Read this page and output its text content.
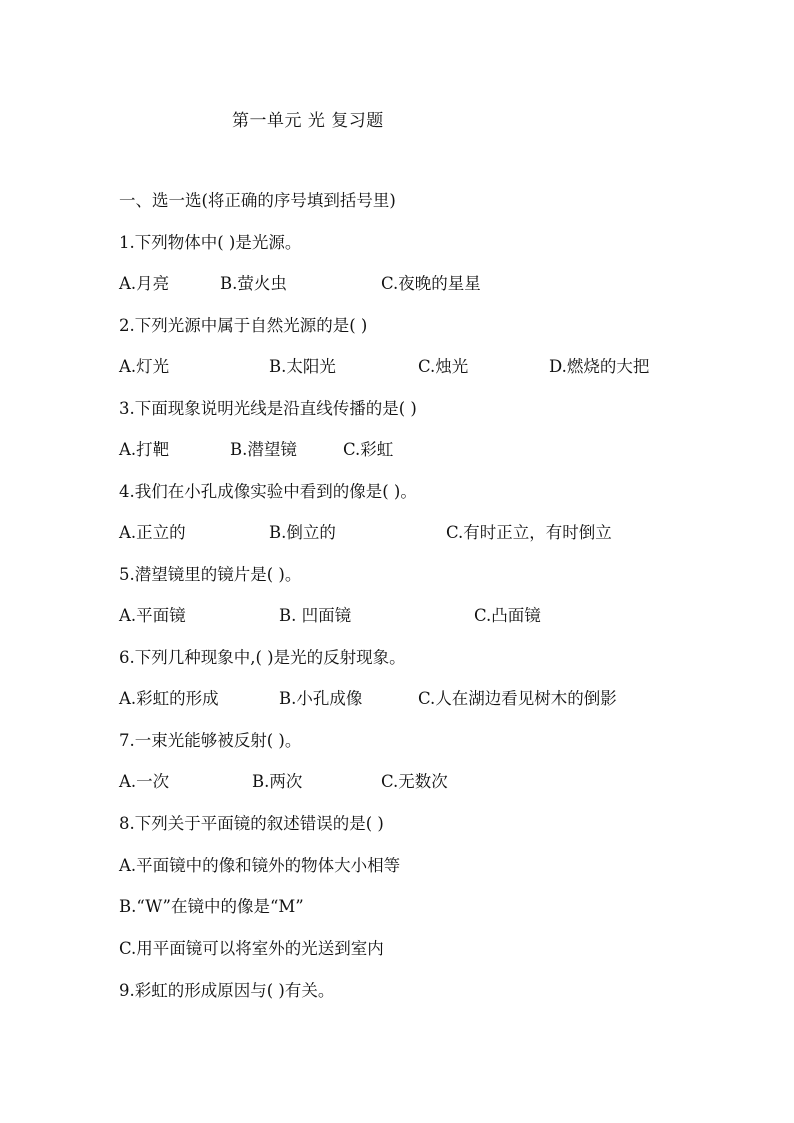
第一单元 光 复习题
一、选一选(将正确的序号填到括号里)
1.下列物体中( )是光源。
A.月亮	B.萤火虫	C.夜晚的星星
2.下列光源中属于自然光源的是( )
A.灯光	B.太阳光	C.烛光	D.燃烧的大把
3.下面现象说明光线是沿直线传播的是( )
A.打靶	B.潜望镜	C.彩虹
4.我们在小孔成像实验中看到的像是( )。
A.正立的	B.倒立的	C.有时正立，有时倒立
5.潜望镜里的镜片是( )。
A.平面镜	B. 凹面镜	C.凸面镜
6.下列几种现象中,( )是光的反射现象。
A.彩虹的形成	B.小孔成像	C.人在湖边看见树木的倒影
7.一束光能够被反射( )。
A.一次	B.两次	C.无数次
8.下列关于平面镜的叙述错误的是( )
A.平面镜中的像和镜外的物体大小相等
B.“W”在镜中的像是“M”
C.用平面镜可以将室外的光送到室内
9.彩虹的形成原因与( )有关。
